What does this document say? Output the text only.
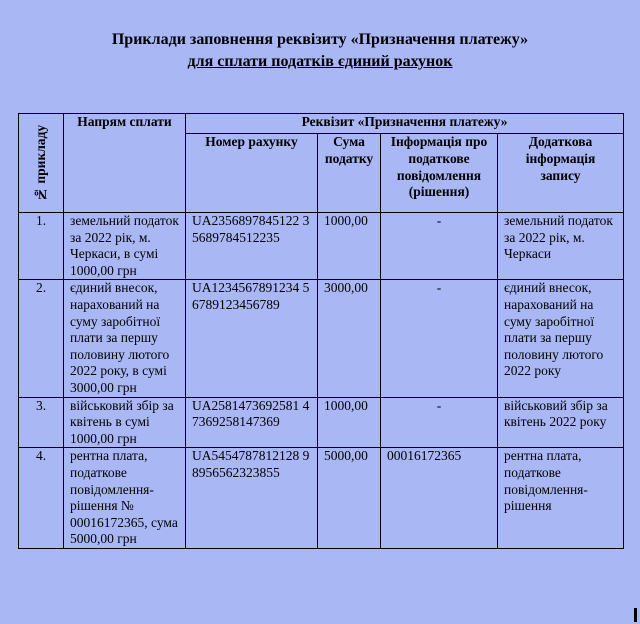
Приклади заповнення реквізиту «Призначення платежу»
для сплати податків єдиний рахунок
№ прикладу	Напрям сплати	Реквізит «Призначення платежу»			
		Номер рахунку	Сума податку	Інформація про податкове повідомлення (рішення)	Додаткова інформація запису
1.	земельний податок за 2022 рік, м. Черкаси, в сумі 1000,00 грн	UA2356897845122 35689784512235	1000,00	-	земельний податок за 2022 рік, м. Черкаси
2.	єдиний внесок, нарахований на суму заробітної плати за першу половину лютого 2022 року, в сумі 3000,00 грн	UA1234567891234 56789123456789	3000,00	-	єдиний внесок, нарахований на суму заробітної плати за першу половину лютого 2022 року
3.	військовий збір за квітень в сумі 1000,00 грн	UA2581473692581 47369258147369	1000,00	-	військовий збір за квітень 2022 року
4.	рентна плата, податкове повідомлення-рішення № 00016172365, сума 5000,00 грн	UA5454787812128 98956562323855	5000,00	00016172365	рентна плата, податкове повідомлення-рішення
